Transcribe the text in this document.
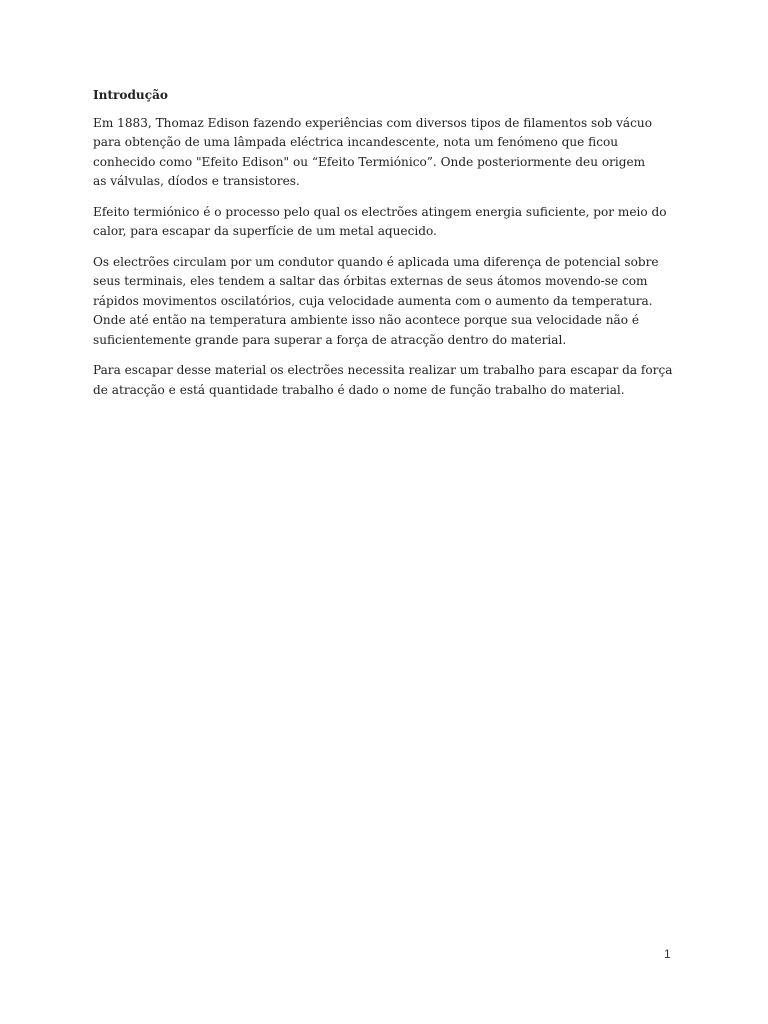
Introdução
Em 1883, Thomaz Edison fazendo experiências com diversos tipos de filamentos sob vácuo
para obtenção de uma lâmpada eléctrica incandescente, nota um fenómeno que ficou
conhecido como "Efeito Edison" ou “Efeito Termiónico”. Onde posteriormente deu origem
as válvulas, díodos e transistores.
Efeito termiónico é o processo pelo qual os electrões atingem energia suficiente, por meio do
calor, para escapar da superfície de um metal aquecido.
Os electrões circulam por um condutor quando é aplicada uma diferença de potencial sobre
seus terminais, eles tendem a saltar das órbitas externas de seus átomos movendo-se com
rápidos movimentos oscilatórios, cuja velocidade aumenta com o aumento da temperatura.
Onde até então na temperatura ambiente isso não acontece porque sua velocidade não é
suficientemente grande para superar a força de atracção dentro do material.
Para escapar desse material os electrões necessita realizar um trabalho para escapar da força
de atracção e está quantidade trabalho é dado o nome de função trabalho do material.
1
